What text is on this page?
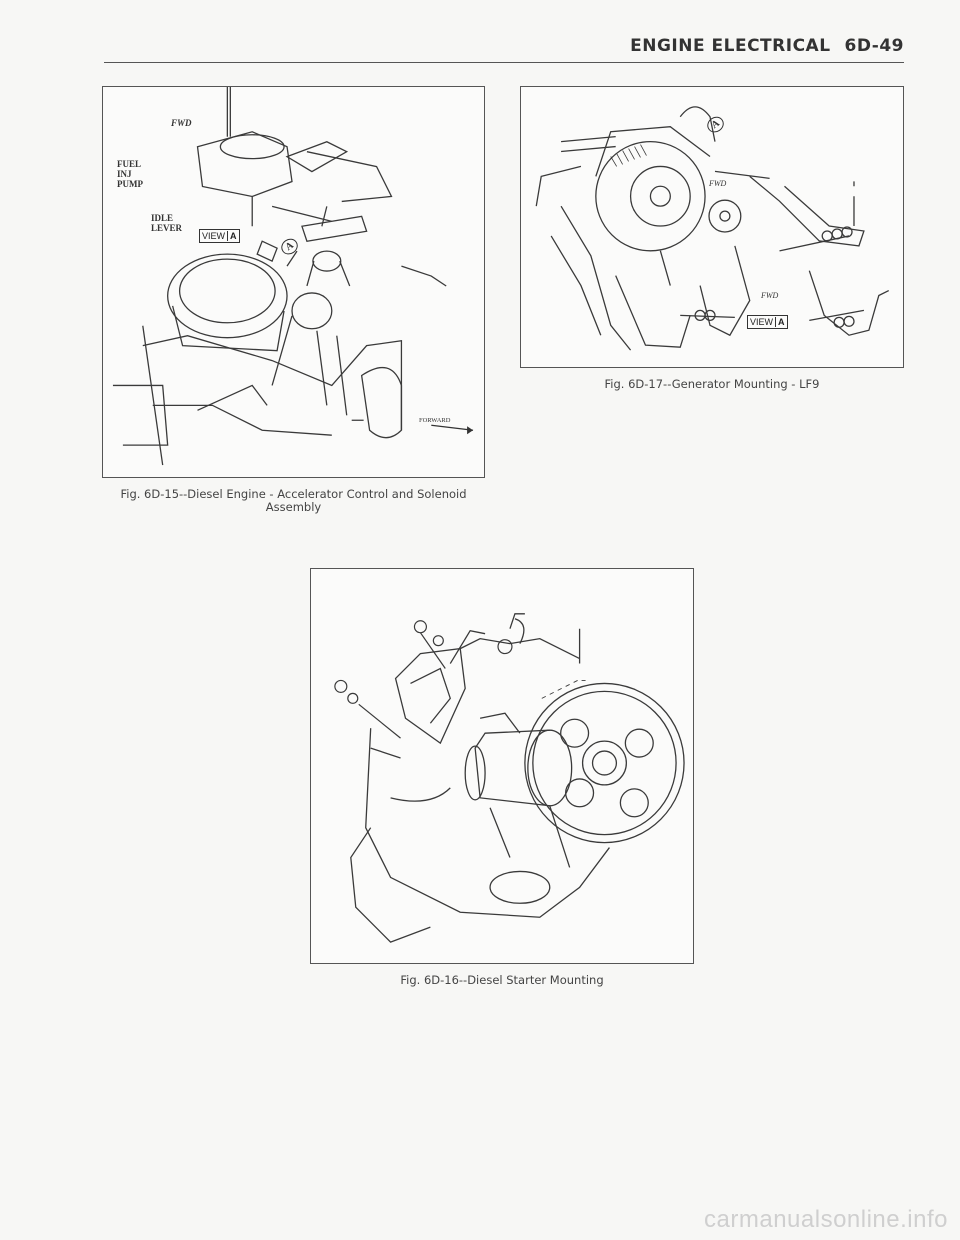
ENGINE ELECTRICAL 6D-49
FWD
FUEL
INJ
PUMP
IDLE
LEVER
VIEW A
A
FORWARD
Fig. 6D-15--Diesel Engine - Accelerator Control and Solenoid
Assembly
A
FWD
FWD
VIEW A
Fig. 6D-17--Generator Mounting - LF9
Fig. 6D-16--Diesel Starter Mounting
carmanualsonline.info
